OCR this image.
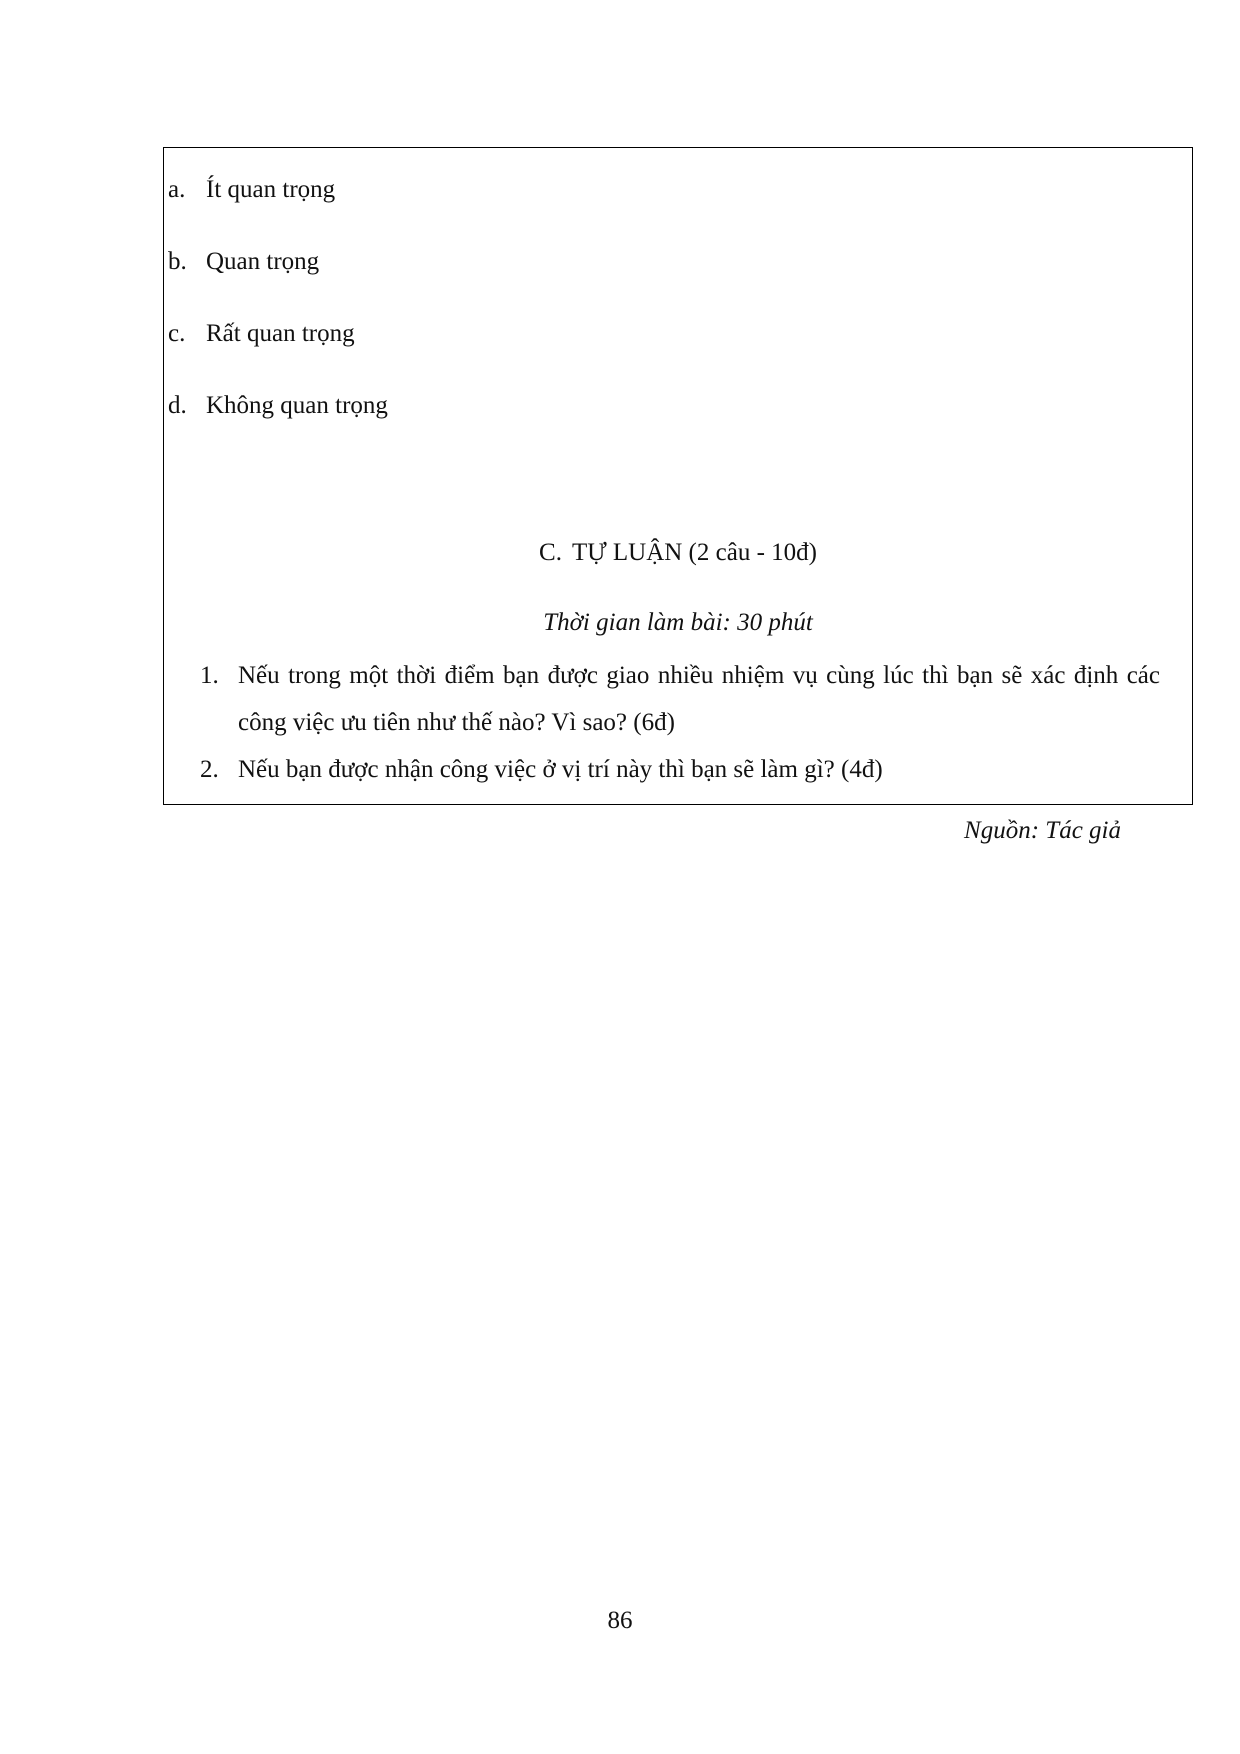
a. Ít quan trọng
b. Quan trọng
c. Rất quan trọng
d. Không quan trọng
C. TỰ LUẬN (2 câu - 10đ)
Thời gian làm bài: 30 phút
1. Nếu trong một thời điểm bạn được giao nhiều nhiệm vụ cùng lúc thì bạn sẽ xác định các công việc ưu tiên như thế nào? Vì sao? (6đ)
2. Nếu bạn được nhận công việc ở vị trí này thì bạn sẽ làm gì? (4đ)
Nguồn: Tác giả
86
